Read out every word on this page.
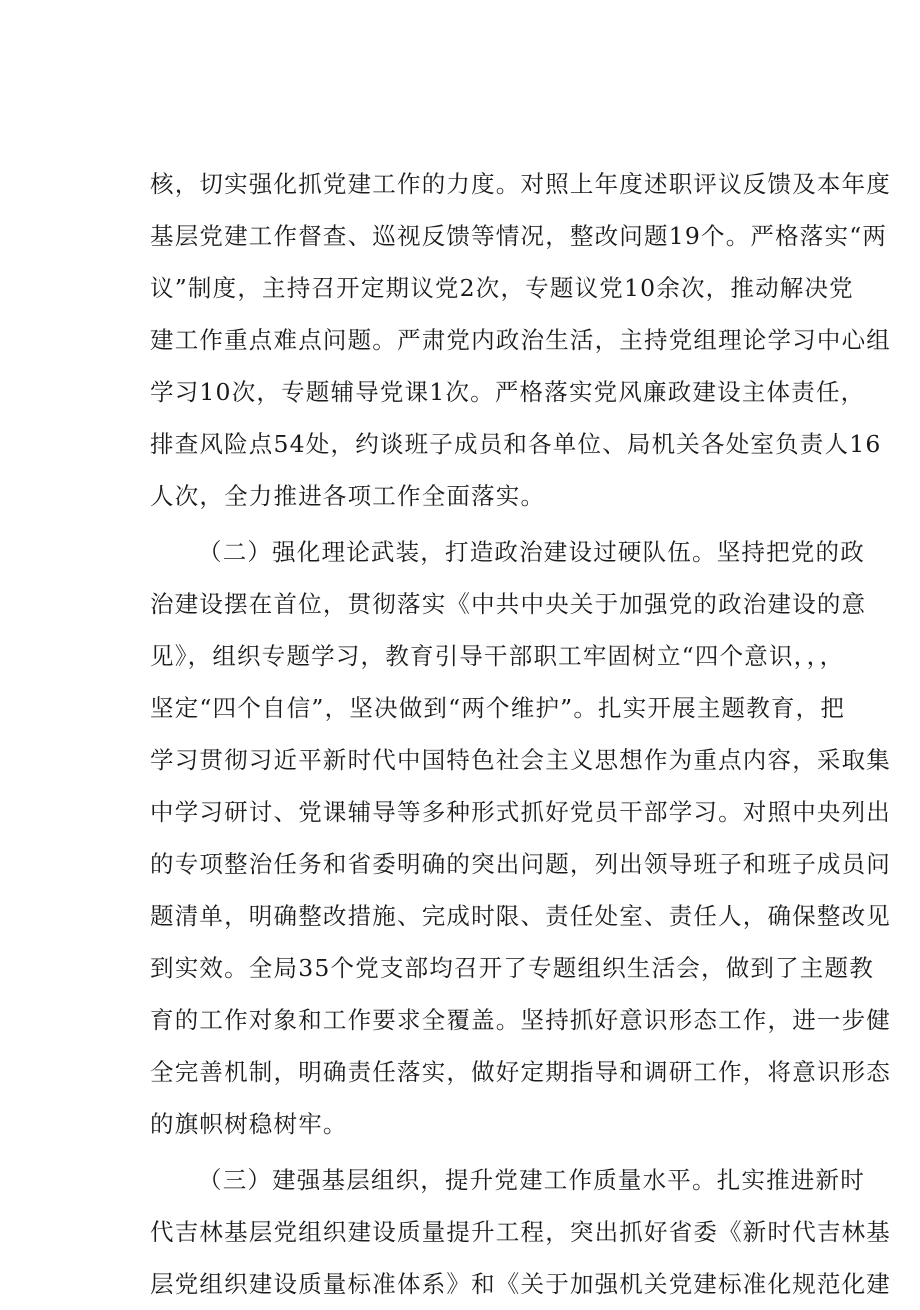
核，切实强化抓党建工作的力度。对照上年度述职评议反馈及本年度
基层党建工作督查、巡视反馈等情况，整改问题19个。严格落实“两
议”制度，主持召开定期议党2次，专题议党10余次，推动解决党
建工作重点难点问题。严肃党内政治生活，主持党组理论学习中心组
学习10次，专题辅导党课1次。严格落实党风廉政建设主体责任，
排查风险点54处，约谈班子成员和各单位、局机关各处室负责人16
人次，全力推进各项工作全面落实。
（二）强化理论武装，打造政治建设过硬队伍。坚持把党的政
治建设摆在首位，贯彻落实《中共中央关于加强党的政治建设的意
见》，组织专题学习，教育引导干部职工牢固树立“四个意识，，，
坚定“四个自信”，坚决做到“两个维护”。扎实开展主题教育，把
学习贯彻习近平新时代中国特色社会主义思想作为重点内容，采取集
中学习研讨、党课辅导等多种形式抓好党员干部学习。对照中央列出
的专项整治任务和省委明确的突出问题，列出领导班子和班子成员问
题清单，明确整改措施、完成时限、责任处室、责任人，确保整改见
到实效。全局35个党支部均召开了专题组织生活会，做到了主题教
育的工作对象和工作要求全覆盖。坚持抓好意识形态工作，进一步健
全完善机制，明确责任落实，做好定期指导和调研工作，将意识形态
的旗帜树稳树牢。
（三）建强基层组织，提升党建工作质量水平。扎实推进新时
代吉林基层党组织建设质量提升工程，突出抓好省委《新时代吉林基
层党组织建设质量标准体系》和《关于加强机关党建标准化规范化建
